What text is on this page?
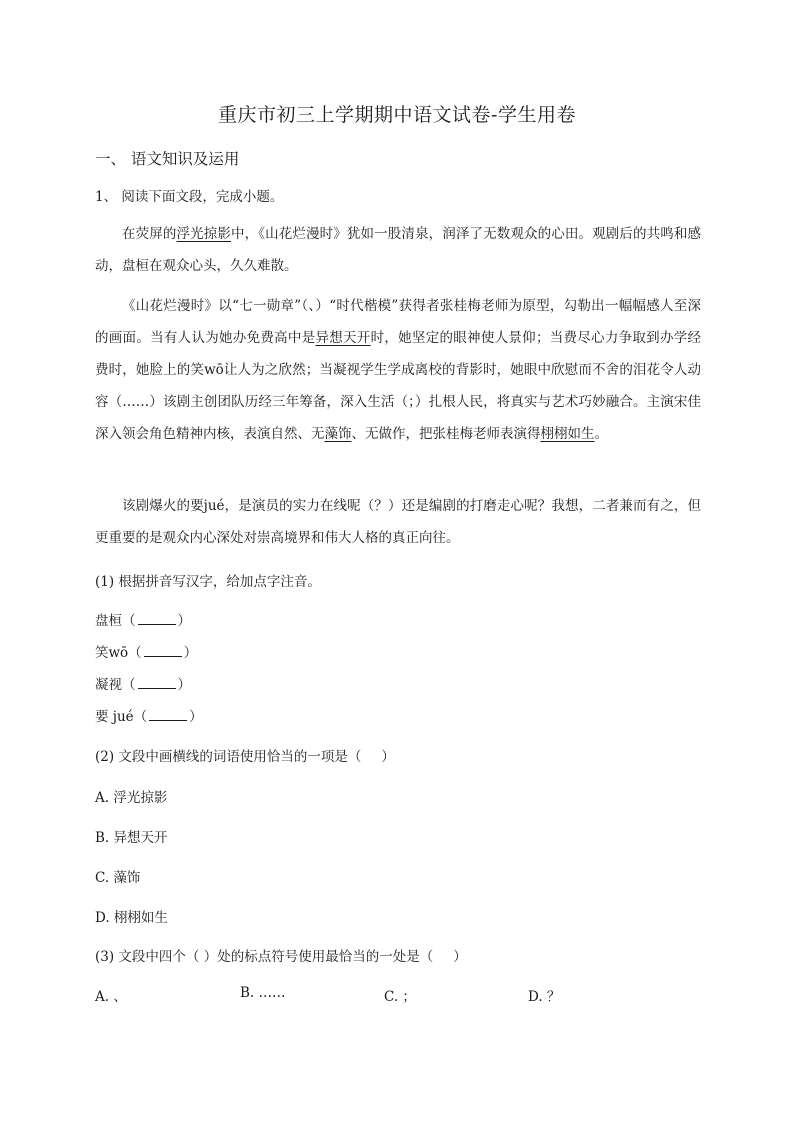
重庆市初三上学期期中语文试卷-学生用卷
一、 语文知识及运用
1、 阅读下面文段，完成小题。
在荧屏的浮光掠影中，《山花烂漫时》犹如一股清泉，润泽了无数观众的心田。观剧后的共鸣和感动，盘桓在观众心头，久久难散。
《山花烂漫时》以“七一勋章”（、）“时代楷模”获得者张桂梅老师为原型，勾勒出一幅幅感人至深的画面。当有人认为她办免费高中是异想天开时，她坚定的眼神使人景仰；当费尽心力争取到办学经费时，她脸上的笑wō让人为之欣然；当凝视学生学成离校的背影时，她眼中欣慰而不舍的泪花令人动容（……）该剧主创团队历经三年筹备，深入生活（；）扎根人民，将真实与艺术巧妙融合。主演宋佳深入领会角色精神内核，表演自然、无藻饰、无做作，把张桂梅老师表演得栩栩如生。
该剧爆火的要jué，是演员的实力在线呢（？）还是编剧的打磨走心呢？我想，二者兼而有之，但更重要的是观众内心深处对崇高境界和伟大人格的真正向往。
(1) 根据拼音写汉字，给加点字注音。
盘桓（	）
笑wō（	）
凝视（	）
要 jué（	）
(2) 文段中画横线的词语使用恰当的一项是（ ）
A. 浮光掠影
B. 异想天开
C. 藻饰
D. 栩栩如生
(3) 文段中四个（ ）处的标点符号使用最恰当的一处是（ ）
A. 、	B. ……	C. ；	D. ？
